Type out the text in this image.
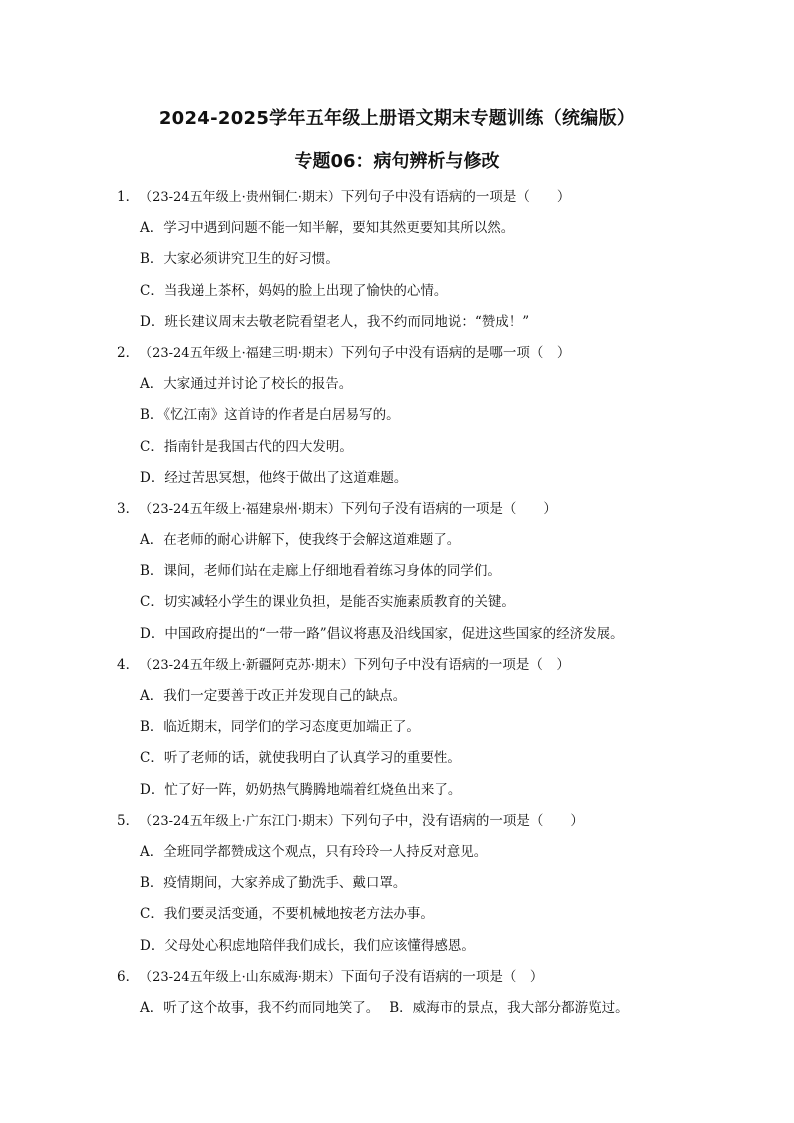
2024-2025学年五年级上册语文期末专题训练（统编版）
专题06：病句辨析与修改
1．（23-24五年级上·贵州铜仁·期末）下列句子中没有语病的一项是（　　）
A．学习中遇到问题不能一知半解，要知其然更要知其所以然。
B．大家必须讲究卫生的好习惯。
C．当我递上茶杯，妈妈的脸上出现了愉快的心情。
D．班长建议周末去敬老院看望老人，我不约而同地说：“赞成！”
2．（23-24五年级上·福建三明·期末）下列句子中没有语病的是哪一项（　）
A．大家通过并讨论了校长的报告。
B．《忆江南》这首诗的作者是白居易写的。
C．指南针是我国古代的四大发明。
D．经过苦思冥想，他终于做出了这道难题。
3．（23-24五年级上·福建泉州·期末）下列句子没有语病的一项是（　　）
A．在老师的耐心讲解下，使我终于会解这道难题了。
B．课间，老师们站在走廊上仔细地看着练习身体的同学们。
C．切实减轻小学生的课业负担，是能否实施素质教育的关键。
D．中国政府提出的“一带一路”倡议将惠及沿线国家，促进这些国家的经济发展。
4．（23-24五年级上·新疆阿克苏·期末）下列句子中没有语病的一项是（　）
A．我们一定要善于改正并发现自己的缺点。
B．临近期末，同学们的学习态度更加端正了。
C．听了老师的话，就使我明白了认真学习的重要性。
D．忙了好一阵，奶奶热气腾腾地端着红烧鱼出来了。
5．（23-24五年级上·广东江门·期末）下列句子中，没有语病的一项是（　　）
A．全班同学都赞成这个观点，只有玲玲一人持反对意见。
B．疫情期间，大家养成了勤洗手、戴口罩。
C．我们要灵活变通，不要机械地按老方法办事。
D．父母处心积虑地陪伴我们成长，我们应该懂得感恩。
6．（23-24五年级上·山东威海·期末）下面句子没有语病的一项是（　）
A．听了这个故事，我不约而同地笑了。 B．威海市的景点，我大部分都游览过。
